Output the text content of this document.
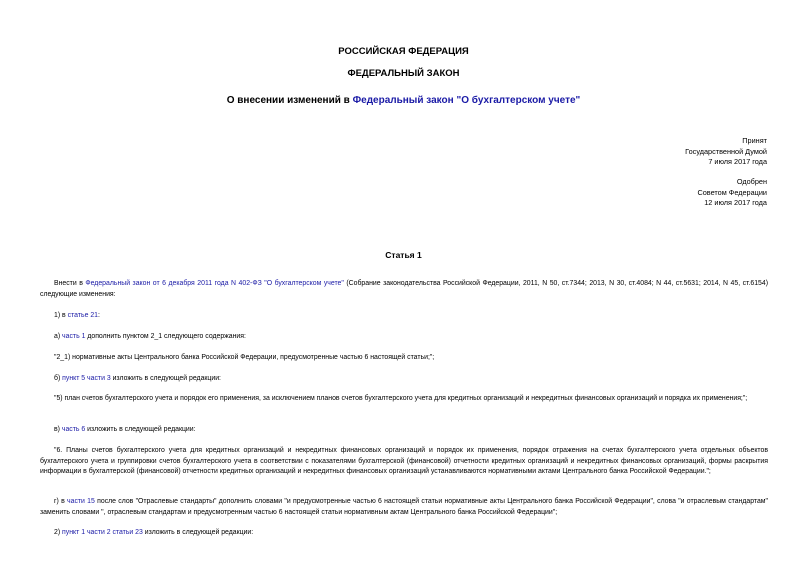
РОССИЙСКАЯ ФЕДЕРАЦИЯ
ФЕДЕРАЛЬНЫЙ ЗАКОН
О внесении изменений в Федеральный закон "О бухгалтерском учете"
Принят
Государственной Думой
7 июля 2017 года
Одобрен
Советом Федерации
12 июля 2017 года
Статья 1
Внести в Федеральный закон от 6 декабря 2011 года N 402-ФЗ "О бухгалтерском учете" (Собрание законодательства Российской Федерации, 2011, N 50, ст.7344; 2013, N 30, ст.4084; N 44, ст.5631; 2014, N 45, ст.6154) следующие изменения:
1) в статье 21:
а) часть 1 дополнить пунктом 2_1 следующего содержания:
"2_1) нормативные акты Центрального банка Российской Федерации, предусмотренные частью 6 настоящей статьи;";
б) пункт 5 части 3 изложить в следующей редакции:
"5) план счетов бухгалтерского учета и порядок его применения, за исключением планов счетов бухгалтерского учета для кредитных организаций и некредитных финансовых организаций и порядка их применения;";
в) часть 6 изложить в следующей редакции:
"6. Планы счетов бухгалтерского учета для кредитных организаций и некредитных финансовых организаций и порядок их применения, порядок отражения на счетах бухгалтерского учета отдельных объектов бухгалтерского учета и группировки счетов бухгалтерского учета в соответствии с показателями бухгалтерской (финансовой) отчетности кредитных организаций и некредитных финансовых организаций, формы раскрытия информации в бухгалтерской (финансовой) отчетности кредитных организаций и некредитных финансовых организаций устанавливаются нормативными актами Центрального банка Российской Федерации.";
г) в части 15 после слов "Отраслевые стандарты" дополнить словами "и предусмотренные частью 6 настоящей статьи нормативные акты Центрального банка Российской Федерации", слова "и отраслевым стандартам" заменить словами ", отраслевым стандартам и предусмотренным частью 6 настоящей статьи нормативным актам Центрального банка Российской Федерации";
2) пункт 1 части 2 статьи 23 изложить в следующей редакции:
